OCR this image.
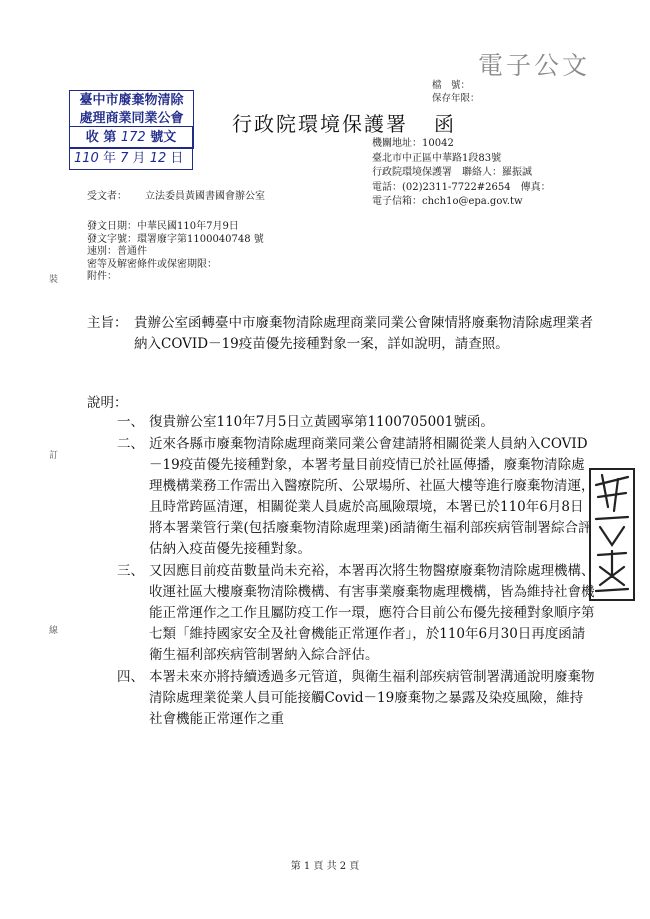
電子公文
檔　號：
保存年限：
臺中市廢棄物清除
處理商業同業公會
收 第 172 號文
110 年 7 月 12 日
行政院環境保護署 函
機關地址：10042
臺北市中正區中華路1段83號
行政院環境保護署　聯絡人：羅振誠
電話：(02)2311-7722#2654　傳真：
電子信箱：chch1o@epa.gov.tw
受文者： 立法委員黃國書國會辦公室
發文日期：中華民國110年7月9日
發文字號：環署廢字第1100040748 號
速別：普通件
密等及解密條件或保密期限：
附件：
裝
訂
線
主旨： 貴辦公室函轉臺中市廢棄物清除處理商業同業公會陳情將廢棄物清除處理業者納入COVID－19疫苗優先接種對象一案，詳如說明，請查照。
說明：
一、 復貴辦公室110年7月5日立黃國寧第1100705001號函。
二、 近來各縣市廢棄物清除處理商業同業公會建請將相關從業人員納入COVID－19疫苗優先接種對象，本署考量目前疫情已於社區傳播，廢棄物清除處理機構業務工作需出入醫療院所、公眾場所、社區大樓等進行廢棄物清運，且時常跨區清運，相關從業人員處於高風險環境，本署已於110年6月8日將本署業管行業(包括廢棄物清除處理業)函請衛生福利部疾病管制署綜合評估納入疫苗優先接種對象。
三、 又因應目前疫苗數量尚未充裕，本署再次將生物醫療廢棄物清除處理機構、收運社區大樓廢棄物清除機構、有害事業廢棄物處理機構，皆為維持社會機能正常運作之工作且屬防疫工作一環，應符合目前公布優先接種對象順序第七類「維持國家安全及社會機能正常運作者」，於110年6月30日再度函請衛生福利部疾病管制署納入綜合評估。
四、 本署未來亦將持續透過多元管道，與衛生福利部疾病管制署溝通說明廢棄物清除處理業從業人員可能接觸Covid－19廢棄物之暴露及染疫風險，維持社會機能正常運作之重
第 1 頁 共 2 頁
